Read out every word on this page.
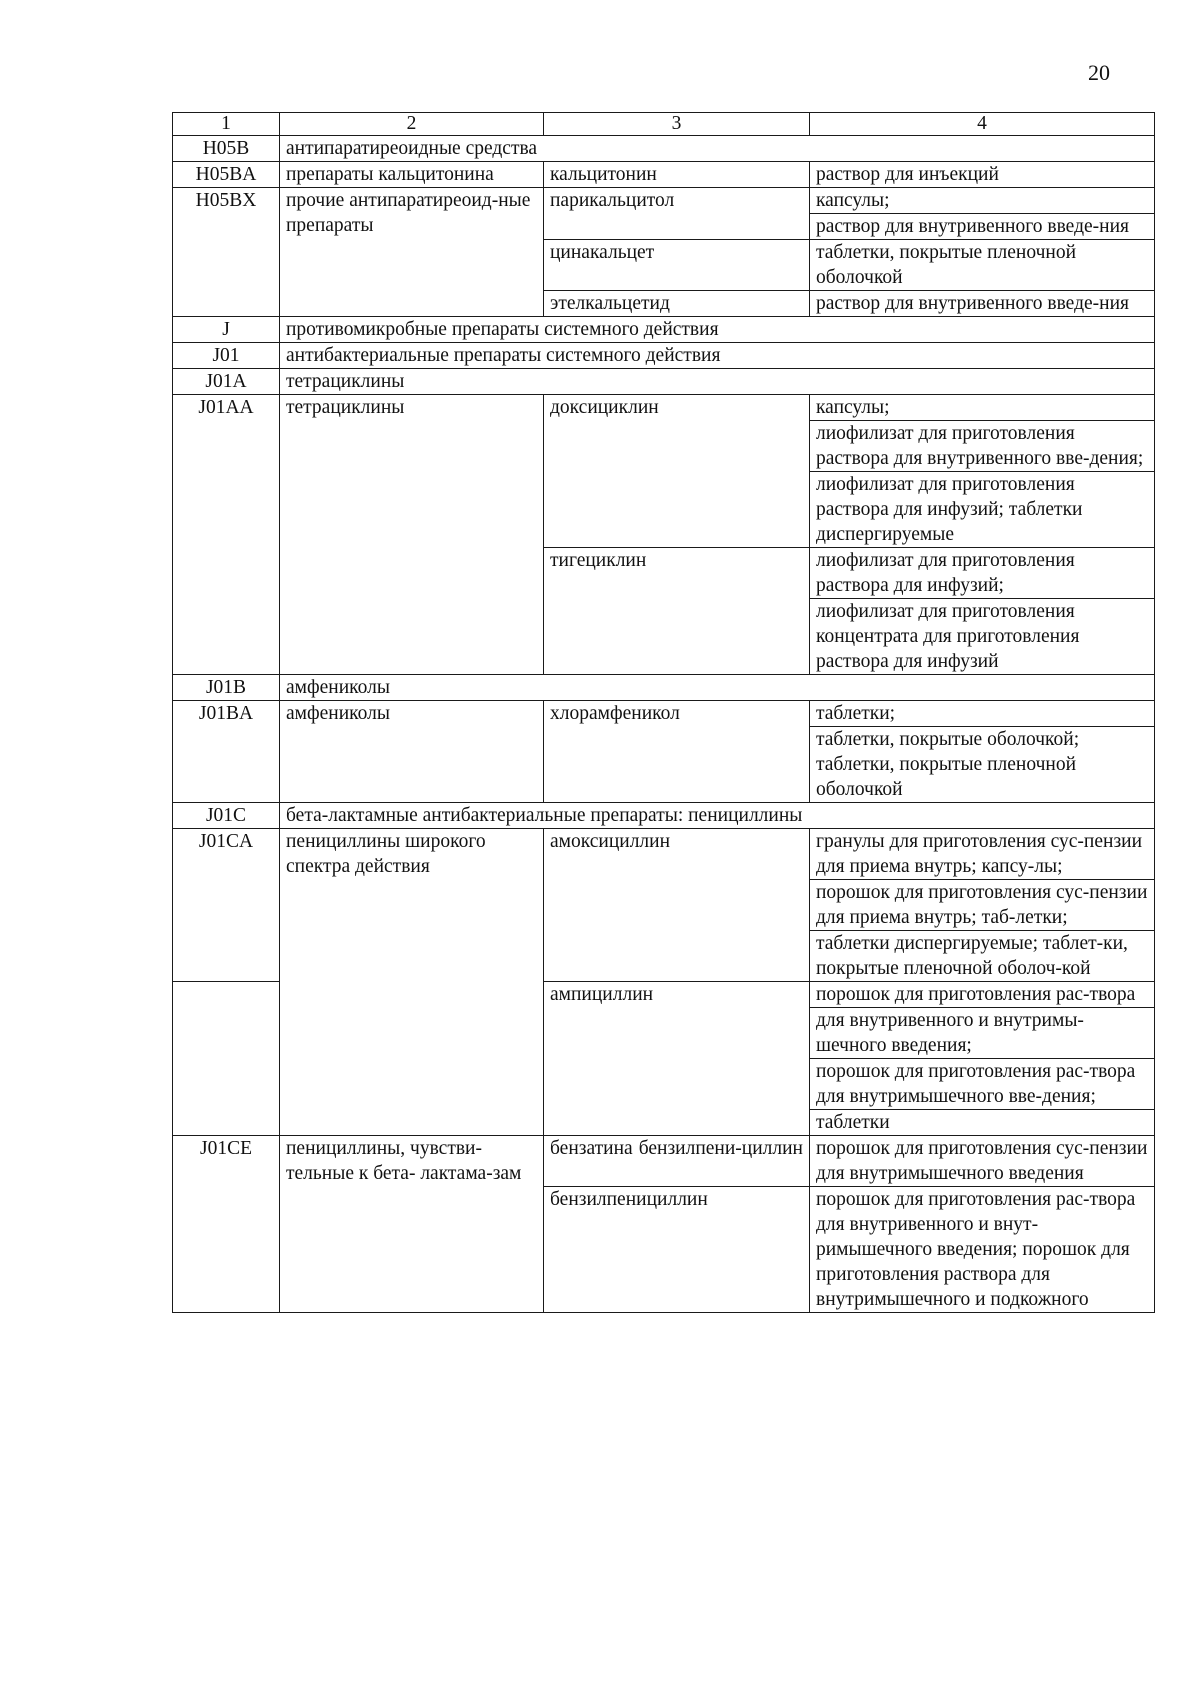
20
1	2	3	4
H05B	антипаратиреоидные средства		
H05BA	препараты кальцитонина	кальцитонин	раствор для инъекций
H05BX	прочие антипаратиреоид-ные препараты	парикальцитол	капсулы;
			раствор для внутривенного введе-ния
		цинакальцет	таблетки, покрытые пленочной оболочкой
		этелкальцетид	раствор для внутривенного введе-ния
J	противомикробные препараты системного действия		
J01	антибактериальные препараты системного действия		
J01A	тетрациклины		
J01AA	тетрациклины	доксициклин	капсулы;
			лиофилизат для приготовления раствора для внутривенного вве-дения;
			лиофилизат для приготовления раствора для инфузий; таблетки диспергируемые
		тигециклин	лиофилизат для приготовления раствора для инфузий;
			лиофилизат для приготовления концентрата для приготовления раствора для инфузий
J01B	амфениколы		
J01BA	амфениколы	хлорамфеникол	таблетки;
			таблетки, покрытые оболочкой; таблетки, покрытые пленочной оболочкой
J01C	бета-лактамные антибактериальные препараты: пенициллины		
J01CA	пенициллины широкого спектра действия	амоксициллин	гранулы для приготовления сус-пензии для приема внутрь; капсу-лы;
			порошок для приготовления сус-пензии для приема внутрь; таб-летки;
			таблетки диспергируемые; таблет-ки, покрытые пленочной оболоч-кой
		ампициллин	порошок для приготовления рас-твора
			для внутривенного и внутримы-шечного введения;
			порошок для приготовления рас-твора для внутримышечного вве-дения;
			таблетки
J01CE	пенициллины, чувстви-тельные к бета- лактама-зам	бензатина бензилпени-циллин	порошок для приготовления сус-пензии для внутримышечного введения
		бензилпенициллин	порошок для приготовления рас-твора для внутривенного и внут-римышечного введения; порошок для приготовления раствора для внутримышечного и подкожного
